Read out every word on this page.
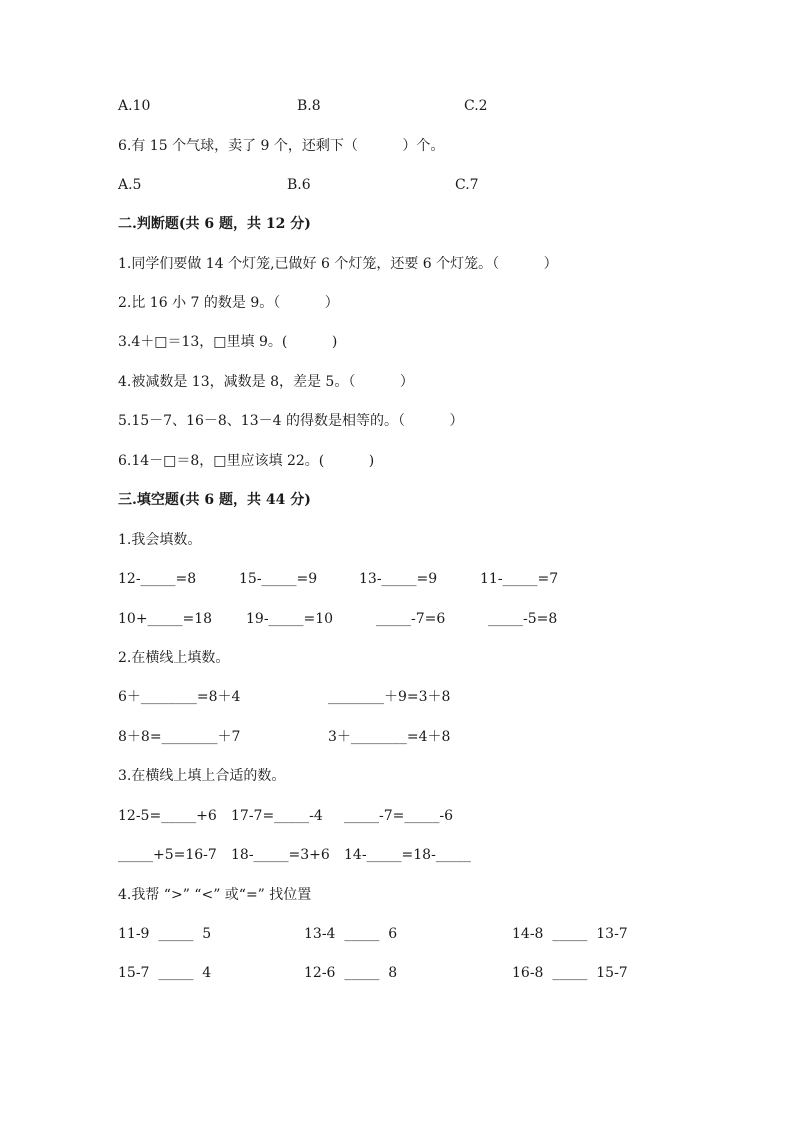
A.10	B.8	C.2
6.有 15 个气球，卖了 9 个，还剩下（          ）个。
A.5	B.6	C.7
二.判断题(共 6 题，共 12 分)
1.同学们要做 14 个灯笼,已做好 6 个灯笼，还要 6 个灯笼。（          ）
2.比 16 小 7 的数是 9。（          ）
3.4＋□＝13，□里填 9。(          )
4.被减数是 13，减数是 8，差是 5。（          ）
5.15－7、16－8、13－4 的得数是相等的。（          ）
6.14－□＝8，□里应该填 22。(          )
三.填空题(共 6 题，共 44 分)
1.我会填数。
12-_____=8	15-_____=9	13-_____=9	11-_____=7
10+_____=18 19-_____=10	_____-7=6	_____-5=8
2.在横线上填数。
6＋________=8＋4	________＋9=3＋8
8＋8=________＋7	3＋________=4＋8
3.在横线上填上合适的数。
12-5=_____+6 17-7=_____-4 _____-7=_____-6
_____+5=16-7 18-_____=3+6 14-_____=18-_____
4.我帮 “>” “<” 或“=” 找位置
11-9  _____  5	13-4  _____  6	14-8  _____  13-7
15-7  _____  4	12-6  _____  8	16-8  _____  15-7
